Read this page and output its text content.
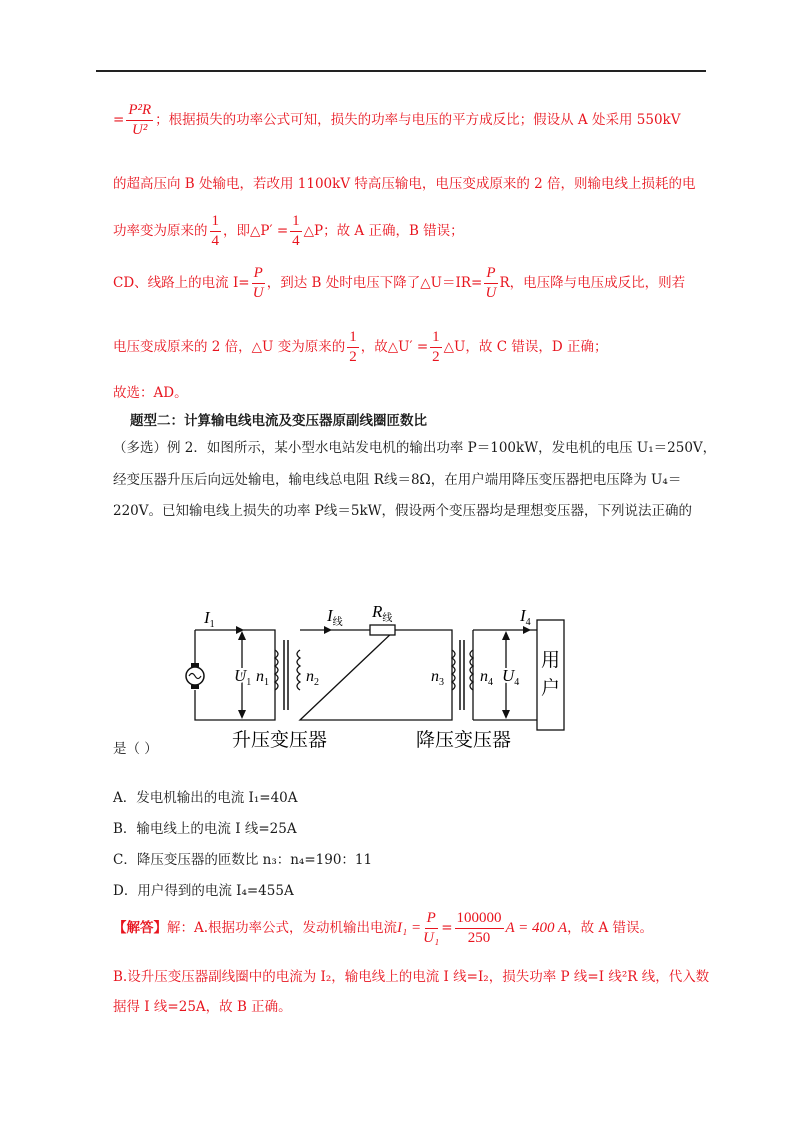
= $\frac{\text{P²R}}{\text{U²}}$ ；根据损失的功率公式可知，损失的功率与电压的平方成反比；假设从 A 处采用 550kV
的超高压向 B 处输电，若改用 1100kV 特高压输电，电压变成原来的 2 倍，则输电线上损耗的电
功率变为原来的 $\frac{1}{4}$ ，即△P′ = $\frac{1}{4}$ △P；故 A 正确，B 错误；
CD、线路上的电流 $I= \frac{P}{U}$ ，到达 B 处时电压下降了△U＝IR= $\frac{P}{U}$ R，电压降与电压成反比，则若
电压变成原来的 2 倍，△U 变为原来的 $\frac{1}{2}$ ，故△U′ = $\frac{1}{2}$ △U，故 C 错误，D 正确；
故选：AD。
题型二：计算输电线电流及变压器原副线圈匝数比
（多选）例 2．如图所示，某小型水电站发电机的输出功率 P＝100kW，发电机的电压 U₁＝250V，
经变压器升压后向远处输电，输电线总电阻 R线＝8Ω，在用户端用降压变压器把电压降为 U₄＝
220V。已知输电线上损失的功率 P线＝5kW，假设两个变压器均是理想变压器，下列说法正确的
$I_1$	$I_线$
$R_线$	$I_4$
$U_1$ $n_1$ $n_2$	$n_3$ $n_4$ $U_4$
用
户
升压变压器	降压变压器
是（ ）
A．发电机输出的电流 I₁=40A
B．输电线上的电流 I 线=25A
C．降压变压器的匝数比 n₃：n₄=190：11
D．用户得到的电流 I₄=455A
【解答】解：A.根据功率公式，发动机输出电流$I_1 = \frac{P}{\text{U₁}} = \frac{100000}{250}$ A = 400 A，故 A 错误。
B.设升压变压器副线圈中的电流为 I₂，输电线上的电流 I 线=I₂，损失功率 P 线=I 线²R 线，代入数
据得 I 线=25A，故 B 正确。
